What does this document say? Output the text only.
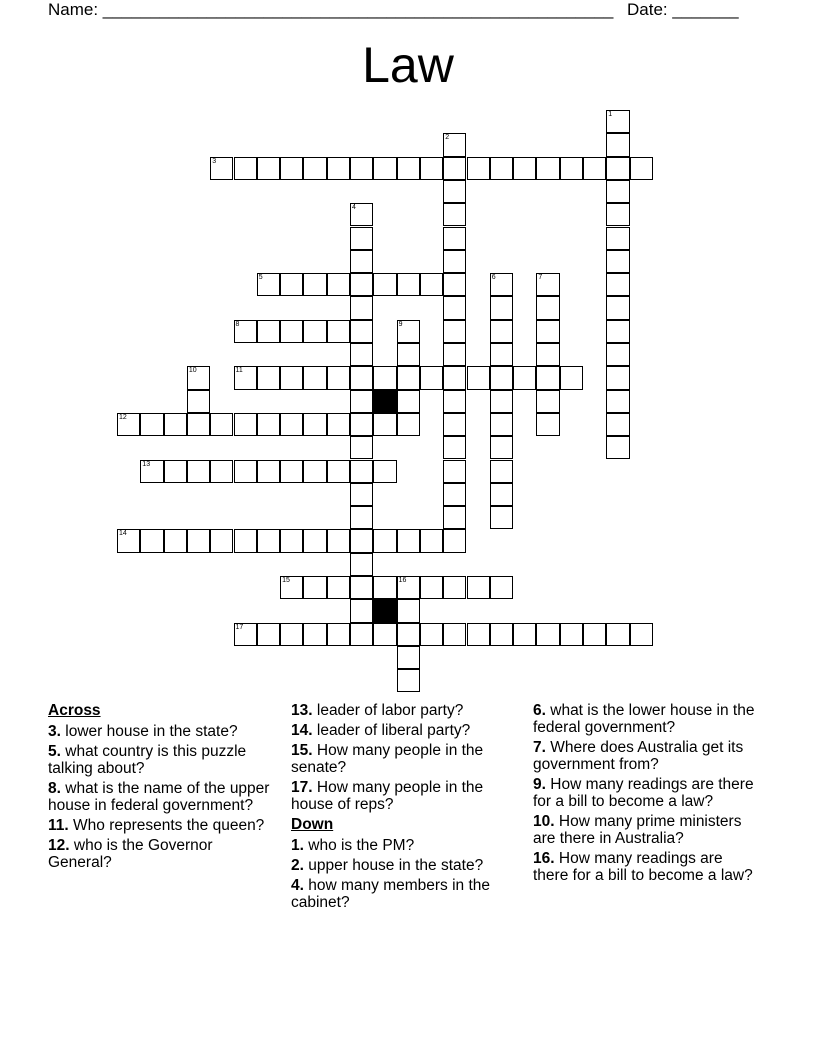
Name: ______________________________________________________ Date: _______
Law
1
2
3
4
5	6	7
8	9
10	11
12
13
14
15	16
17
Across
3. lower house in the state?
5. what country is this puzzle talking about?
8. what is the name of the upper house in federal government?
11. Who represents the queen?
12. who is the Governor General?
13. leader of labor party?
14. leader of liberal party?
15. How many people in the senate?
17. How many people in the house of reps?
Down
1. who is the PM?
2. upper house in the state?
4. how many members in the cabinet?
6. what is the lower house in the federal government?
7. Where does Australia get its government from?
9. How many readings are there for a bill to become a law?
10. How many prime ministers are there in Australia?
16. How many readings are there for a bill to become a law?
